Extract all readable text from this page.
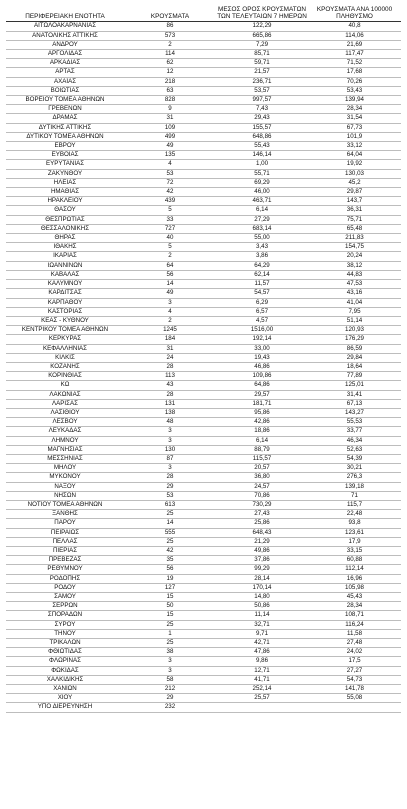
ΠΕΡΙΦΕΡΕΙΑΚΗ ΕΝΟΤΗΤΑ	ΚΡΟΥΣΜΑΤΑ	ΜΕΣΟΣ ΟΡΟΣ ΚΡΟΥΣΜΑΤΩΝ ΤΩΝ ΤΕΛΕΥΤΑΙΩΝ 7 ΗΜΕΡΩΝ	ΚΡΟΥΣΜΑΤΑ ΑΝΑ 100000 ΠΛΗΘΥΣΜΟ
ΑΙΤΩΛΟΑΚΑΡΝΑΝΙΑΣ	86	122,29	40,8
ΑΝΑΤΟΛΙΚΗΣ ΑΤΤΙΚΗΣ	573	665,86	114,06
ΑΝΔΡΟΥ	2	7,29	21,69
ΑΡΓΟΛΙΔΑΣ	114	85,71	117,47
ΑΡΚΑΔΙΑΣ	62	59,71	71,52
ΑΡΤΑΣ	12	21,57	17,68
ΑΧΑΪΑΣ	218	236,71	70,26
ΒΟΙΩΤΙΑΣ	63	53,57	53,43
ΒΟΡΕΙΟΥ ΤΟΜΕΑ ΑΘΗΝΩΝ	828	997,57	139,94
ΓΡΕΒΕΝΩΝ	9	7,43	28,34
ΔΡΑΜΑΣ	31	29,43	31,54
ΔΥΤΙΚΗΣ ΑΤΤΙΚΗΣ	109	155,57	67,73
ΔΥΤΙΚΟΥ ΤΟΜΕΑ ΑΘΗΝΩΝ	499	648,86	101,9
ΕΒΡΟΥ	49	55,43	33,12
ΕΥΒΟΙΑΣ	135	146,14	64,04
ΕΥΡΥΤΑΝΙΑΣ	4	1,00	19,92
ΖΑΚΥΝΘΟΥ	53	55,71	130,03
ΗΛΕΙΑΣ	72	69,29	45,2
ΗΜΑΘΙΑΣ	42	46,00	29,87
ΗΡΑΚΛΕΙΟΥ	439	463,71	143,7
ΘΑΣΟΥ	5	6,14	36,31
ΘΕΣΠΡΩΤΙΑΣ	33	27,29	75,71
ΘΕΣΣΑΛΟΝΙΚΗΣ	727	683,14	65,48
ΘΗΡΑΣ	40	55,00	211,83
ΙΘΑΚΗΣ	5	3,43	154,75
ΙΚΑΡΙΑΣ	2	3,86	20,24
ΙΩΑΝΝΙΝΩΝ	64	64,29	38,12
ΚΑΒΑΛΑΣ	56	62,14	44,83
ΚΑΛΥΜΝΟΥ	14	11,57	47,53
ΚΑΡΔΙΤΣΑΣ	49	54,57	43,16
ΚΑΡΠΑΘΟΥ	3	6,29	41,04
ΚΑΣΤΟΡΙΑΣ	4	6,57	7,95
ΚΕΑΣ - ΚΥΘΝΟΥ	2	4,57	51,14
ΚΕΝΤΡΙΚΟΥ ΤΟΜΕΑ ΑΘΗΝΩΝ	1245	1516,00	120,93
ΚΕΡΚΥΡΑΣ	184	192,14	176,29
ΚΕΦΑΛΛΗΝΙΑΣ	31	33,00	86,59
ΚΙΛΚΙΣ	24	19,43	29,84
ΚΟΖΑΝΗΣ	28	46,86	18,64
ΚΟΡΙΝΘΙΑΣ	113	109,86	77,89
ΚΩ	43	64,86	125,01
ΛΑΚΩΝΙΑΣ	28	29,57	31,41
ΛΑΡΙΣΑΣ	131	181,71	67,13
ΛΑΣΙΘΙΟΥ	138	95,86	143,27
ΛΕΣΒΟΥ	48	42,86	55,53
ΛΕΥΚΑΔΑΣ	3	18,86	33,77
ΛΗΜΝΟΥ	3	6,14	46,34
ΜΑΓΝΗΣΙΑΣ	130	88,79	52,63
ΜΕΣΣΗΝΙΑΣ	87	115,57	54,39
ΜΗΛΟΥ	3	20,57	30,21
ΜΥΚΟΝΟΥ	28	36,80	276,3
ΝΑΞΟΥ	29	24,57	139,18
ΝΗΣΩΝ	53	70,86	71
ΝΟΤΙΟΥ ΤΟΜΕΑ ΑΘΗΝΩΝ	613	730,29	115,7
ΞΑΝΘΗΣ	25	27,43	22,48
ΠΑΡΟΥ	14	25,86	93,8
ΠΕΙΡΑΙΩΣ	555	648,43	123,61
ΠΕΛΛΑΣ	25	21,29	17,9
ΠΙΕΡΙΑΣ	42	49,86	33,15
ΠΡΕΒΕΖΑΣ	35	37,86	60,88
ΡΕΘΥΜΝΟΥ	56	99,29	112,14
ΡΟΔΟΠΗΣ	19	28,14	16,96
ΡΟΔΟΥ	127	170,14	105,98
ΣΑΜΟΥ	15	14,80	45,43
ΣΕΡΡΩΝ	50	50,86	28,34
ΣΠΟΡΑΔΩΝ	15	11,14	108,71
ΣΥΡΟΥ	25	32,71	116,24
ΤΗΝΟΥ	1	9,71	11,58
ΤΡΙΚΑΛΩΝ	25	42,71	27,48
ΦΘΙΩΤΙΔΑΣ	38	47,86	24,02
ΦΛΩΡΙΝΑΣ	3	9,86	17,5
ΦΩΚΙΔΑΣ	3	12,71	27,27
ΧΑΛΚΙΔΙΚΗΣ	58	41,71	54,73
ΧΑΝΙΩΝ	212	252,14	141,78
ΧΙΟΥ	29	25,57	55,08
ΥΠΟ ΔΙΕΡΕΥΝΗΣΗ	232		
